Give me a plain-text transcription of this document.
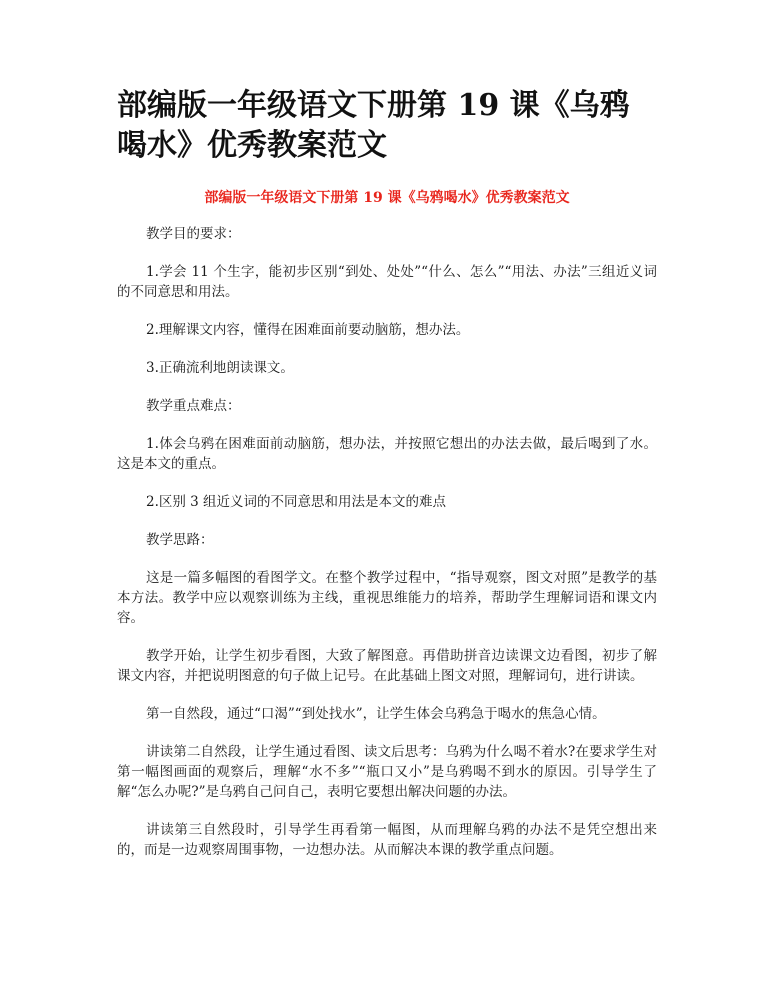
部编版一年级语文下册第 19 课《乌鸦喝水》优秀教案范文
部编版一年级语文下册第 19 课《乌鸦喝水》优秀教案范文

教学目的要求：

1.学会 11 个生字，能初步区别“到处、处处”“什么、怎么”“用法、办法”三组近义词的不同意思和用法。

2.理解课文内容，懂得在困难面前要动脑筋，想办法。

3.正确流利地朗读课文。

教学重点难点：

1.体会乌鸦在困难面前动脑筋，想办法，并按照它想出的办法去做，最后喝到了水。这是本文的重点。

2.区别 3 组近义词的不同意思和用法是本文的难点

教学思路：

这是一篇多幅图的看图学文。在整个教学过程中，“指导观察，图文对照”是教学的基本方法。教学中应以观察训练为主线，重视思维能力的培养，帮助学生理解词语和课文内容。

教学开始，让学生初步看图，大致了解图意。再借助拼音边读课文边看图，初步了解课文内容，并把说明图意的句子做上记号。在此基础上图文对照，理解词句，进行讲读。

第一自然段，通过“口渴”“到处找水”，让学生体会乌鸦急于喝水的焦急心情。

讲读第二自然段，让学生通过看图、读文后思考：乌鸦为什么喝不着水?在要求学生对第一幅图画面的观察后，理解“水不多”“瓶口又小”是乌鸦喝不到水的原因。引导学生了解“怎么办呢?”是乌鸦自己问自己，表明它要想出解决问题的办法。

讲读第三自然段时，引导学生再看第一幅图，从而理解乌鸦的办法不是凭空想出来的，而是一边观察周围事物，一边想办法。从而解决本课的教学重点问题。
